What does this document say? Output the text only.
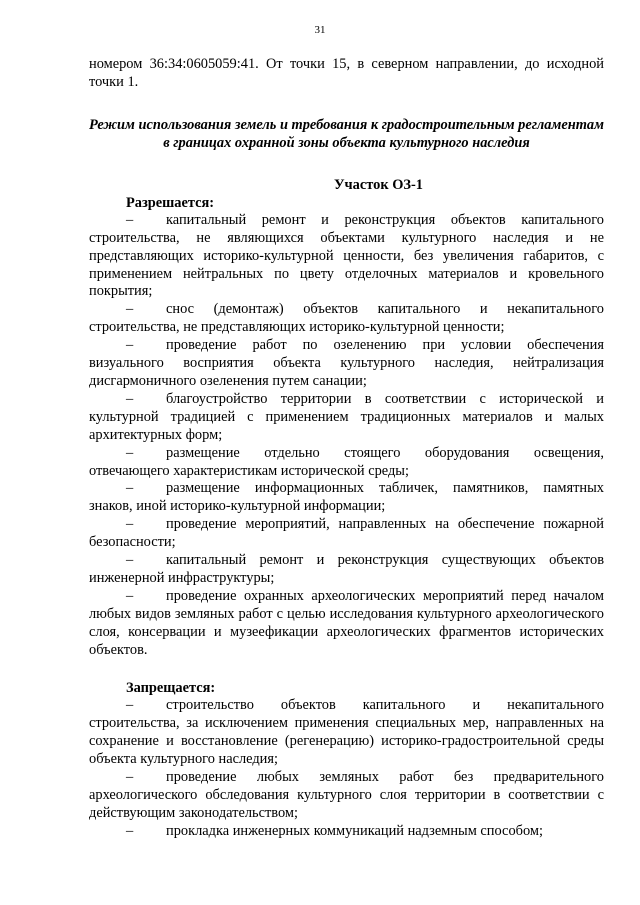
31

номером 36:34:0605059:41. От точки 15, в северном направлении, до исходной точки 1.

Режим использования земель и требования к градостроительным регламентам в границах охранной зоны объекта культурного наследия

Участок ОЗ-1

Разрешается:

– капитальный ремонт и реконструкция объектов капитального строительства, не являющихся объектами культурного наследия и не представляющих историко-культурной ценности, без увеличения габаритов, с применением нейтральных по цвету отделочных материалов и кровельного покрытия;

– снос (демонтаж) объектов капитального и некапитального строительства, не представляющих историко-культурной ценности;

– проведение работ по озеленению при условии обеспечения визуального восприятия объекта культурного наследия, нейтрализация дисгармоничного озеленения путем санации;

– благоустройство территории в соответствии с исторической и культурной традицией с применением традиционных материалов и малых архитектурных форм;

– размещение отдельно стоящего оборудования освещения, отвечающего характеристикам исторической среды;

– размещение информационных табличек, памятников, памятных знаков, иной историко-культурной информации;

– проведение мероприятий, направленных на обеспечение пожарной безопасности;

– капитальный ремонт и реконструкция существующих объектов инженерной инфраструктуры;

– проведение охранных археологических мероприятий перед началом любых видов земляных работ с целью исследования культурного археологического слоя, консервации и музеефикации археологических фрагментов исторических объектов.

Запрещается:

– строительство объектов капитального и некапитального строительства, за исключением применения специальных мер, направленных на сохранение и восстановление (регенерацию) историко-градостроительной среды объекта культурного наследия;

– проведение любых земляных работ без предварительного археологического обследования культурного слоя территории в соответствии с действующим законодательством;

– прокладка инженерных коммуникаций надземным способом;
